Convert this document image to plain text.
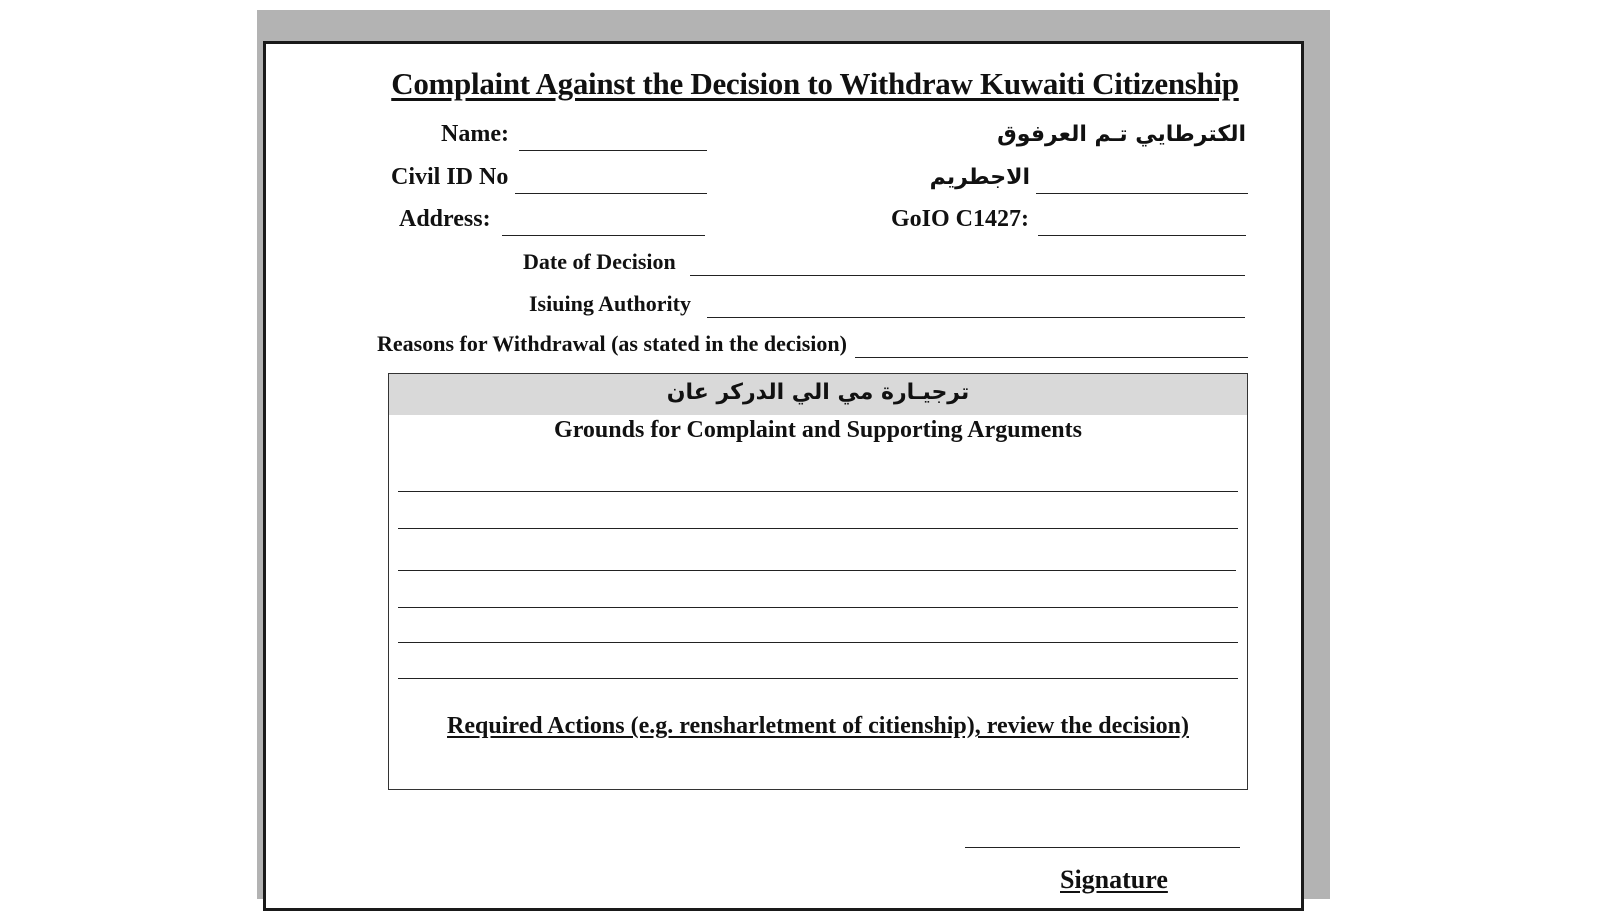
Complaint Against the Decision to Withdraw Kuwaiti Citizenship
Name:	الكترطايي تـم العرفوق
Civil ID No	الاجطريم
Address:	GoIO C1427:
Date of Decision
Isiuing Authority
Reasons for Withdrawal (as stated in the decision)
ترجيـارة مي الي الدركر عان
Grounds for Complaint and Supporting Arguments
Required Actions (e.g. rensharletment of citienship), review the decision)
Signature
